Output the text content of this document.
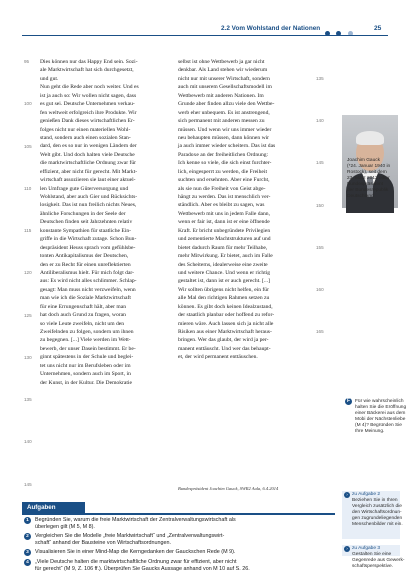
2.2 Vom Wohlstand der Nationen
	25
Dies können nur das Happy End sein. Sozi-
ale Marktwirtschaft hat sich durchgesetzt,
und gut.
Nun geht die Rede aber noch weiter. Und es
ist ja auch so: Wir wollen nicht sagen, dass
es gut sei. Deutsche Unternehmen verkau-
fen weltweit erfolgreich ihre Produkte. Wir
genießen Dank dieses wirtschaftlichen Er-
folges nicht nur einen materiellen Wohl-
stand, sondern auch einen sozialen Stan-
dard, den es so nur in wenigen Ländern der
Welt gibt. Und doch halten viele Deutsche
die marktwirtschaftliche Ordnung zwar für
effizient, aber nicht für gerecht. Mit Markt-
wirtschaft assoziieren sie laut einer aktuel-
len Umfrage gute Güterversorgung und
Wohlstand, aber auch Gier und Rücksichts-
losigkeit. Das ist nun freilich nichts Neues,
ähnliche Forschungen in der Seele der
Deutschen finden seit Jahrzehnten relativ
konstante Sympathien für staatliche Ein-
griffe in die Wirtschaft zutage. Schon Bun-
despräsident Heuss sprach vom gefühlsbe-
tonten Antikapitalismus der Deutschen,
den er zu Recht für einen unreflektierten
Antiliberalismus hielt. Für mich folgt dar-
aus: Es wird nicht alles schlimmer. Schlap-
gesagt: Man muss nicht verzweifeln, wenn
man wie ich die Soziale Marktwirtschaft
für eine Errungenschaft hält, aber man
hat doch auch Grund zu fragen, woran
so viele Leute zweifeln, nicht um den
Zweifelnden zu folgen, sondern um ihnen
zu begegnen. [...] Viele werden im Wett-
bewerb, der unser Dasein bestimmt. Er be-
ginnt spätestens in der Schule und beglei-
tet uns nicht nur im Berufsleben oder im
Unternehmen, sondern auch im Sport, in
der Kunst, in der Kultur. Die Demokratie
selbst ist ohne Wettbewerb ja gar nicht
denkbar. Als Land stehen wir wiederum
nicht nur mit unserer Wirtschaft, sondern
auch mit unserem Gesellschaftsmodell im
Wettbewerb mit anderen Nationen. Im
Grunde aber finden allzu viele den Wettbe-
werb eher unbequem. Es ist anstrengend,
sich permanent mit anderen messen zu
müssen. Und wenn wir uns immer wieder
neu behaupten müssen, dann können wir
ja auch immer wieder scheitern. Das ist das
Paradoxe an der freiheitlichen Ordnung:
Ich kenne so viele, die sich einst furchter-
lich, eingesperrt zu werden, die Freiheit
suchten und ersehnten. Aber eine Furcht,
als sie nun die Freiheit von Geist abge-
hängt zu werden. Das ist menschlich ver-
ständlich. Aber es bleibt zu sagen, was
Wettbewerb mit uns in jedem Falle dann,
wenn er fair ist, dann ist er eine öffnende
Kraft. Er bricht unbegründete Privilegien
und zementierte Machtstrukturen auf und
bietet dadurch Raum für mehr Teilhabe,
mehr Mitwirkung. Er bietet, auch im Falle
des Scheiterns, idealerweise eine zweite
und weitere Chance. Und wenn er richtig
gestaltet ist, dann ist er auch gerecht. [...]
Wir sollten übrigens nicht helfen, ein für
alle Mal den richtigen Rahmen setzen zu
können. Es gibt doch keinen Idealzustand,
der staatlich planbar oder hoffend zu refor-
mieren wäre. Auch lassen sich ja nicht alle
Risiken aus einer Marktwirtschaft heraus-
bringen. Wer das glaubt, der wird ja per-
manent enttäuscht. Und wer das behaupt-
et, der wird permanent enttäuschen.
95
100
105
110
115
120
125
130
135
140
145
135
140
145
150
155
160
165
Joachim Gauck
(*24. Januar 1940 in
Rostock), seit dem
23. März 2012 elfter
Bundespräsident
der Bundesrepublik
Deutschland
F	Für wie wahrscheinlich
halten Sie die Eröffnung
einer Bäckerei aus dem
Mobi der Nächstenliebe
(M 4)? Begründen Sie
Ihre Meinung.
› zu Aufgabe 2
Beziehen Sie in Ihren
Vergleich zusätzlich die
den Wirtschaftsordnun-
gen zugrundeliegenden
Menschenbilder mit ein.
› zu Aufgabe 3
Gestalten Sie eine
Gegenrede aus Gewerk-
schaftsperspektive.
Bundespräsident Joachim Gauck, SWR2 Aula, 6.4.2014
Aufgaben
1	Begründen Sie, warum die freie Marktwirtschaft der Zentralverwaltungswirtschaft als
überlegen gilt (M 5, M 8).
2	Vergleichen Sie die Modelle „freie Marktwirtschaft“ und „Zentralverwaltungswirt-
schaft“ anhand der Bausteine von Wirtschaftsordnungen.
3	Visualisieren Sie in einer Mind-Map die Kerngedanken der Gauckschen Rede (M 9).
4	„Viele Deutsche halten die marktwirtschaftliche Ordnung zwar für effizient, aber nicht
für gerecht“ (M 9, Z. 106 ff.). Überprüfen Sie Gaucks Aussage anhand von M 10 auf S. 26.
